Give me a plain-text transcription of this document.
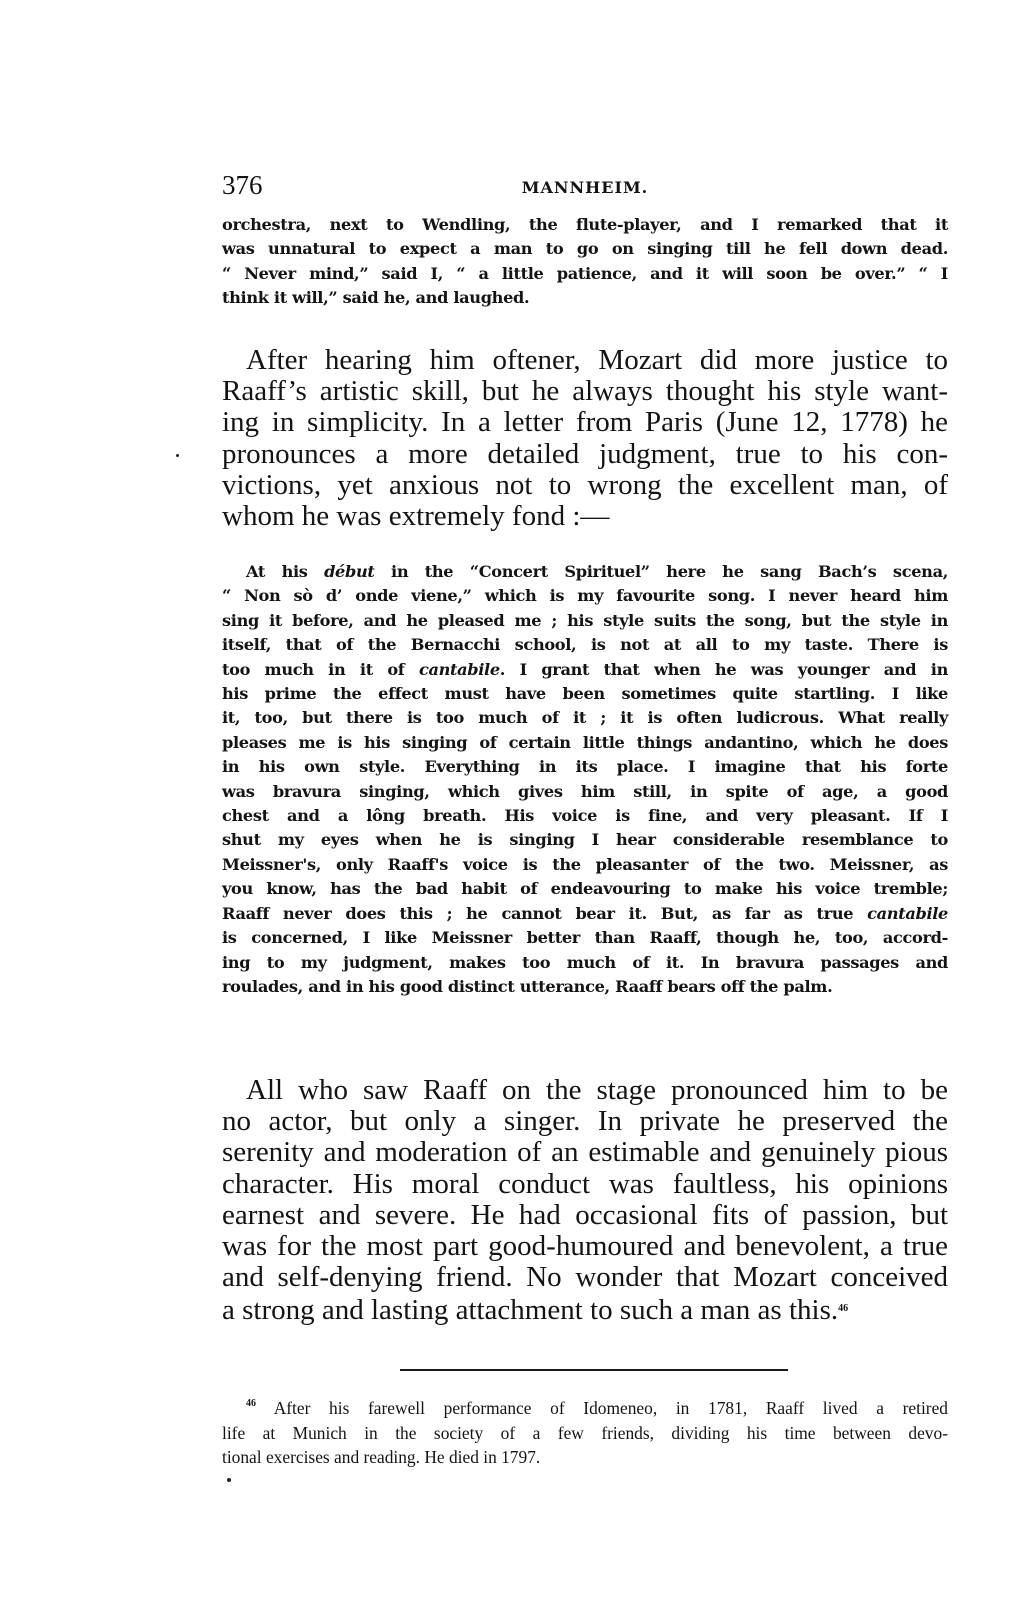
376	MANNHEIM.
orchestra, next to Wendling, the flute-player, and I remarked that it
was unnatural to expect a man to go on singing till he fell down dead.
“ Never mind,” said I, “ a little patience, and it will soon be over.” “ I
think it will,” said he, and laughed.
After hearing him oftener, Mozart did more justice to
Raaff’s artistic skill, but he always thought his style want-
ing in simplicity. In a letter from Paris (June 12, 1778) he
pronounces a more detailed judgment, true to his con-
victions, yet anxious not to wrong the excellent man, of
whom he was extremely fond :—
At his début in the “Concert Spirituel” here he sang Bach’s scena,
“ Non sò d’ onde viene,” which is my favourite song. I never heard him
sing it before, and he pleased me ; his style suits the song, but the style in
itself, that of the Bernacchi school, is not at all to my taste. There is
too much in it of cantabile. I grant that when he was younger and in
his prime the effect must have been sometimes quite startling. I like
it, too, but there is too much of it ; it is often ludicrous. What really
pleases me is his singing of certain little things andantino, which he does
in his own style. Everything in its place. I imagine that his forte
was bravura singing, which gives him still, in spite of age, a good
chest and a lông breath. His voice is fine, and very pleasant. If I
shut my eyes when he is singing I hear considerable resemblance to
Meissner's, only Raaff's voice is the pleasanter of the two. Meissner, as
you know, has the bad habit of endeavouring to make his voice tremble;
Raaff never does this ; he cannot bear it. But, as far as true cantabile
is concerned, I like Meissner better than Raaff, though he, too, accord-
ing to my judgment, makes too much of it. In bravura passages and
roulades, and in his good distinct utterance, Raaff bears off the palm.
All who saw Raaff on the stage pronounced him to be
no actor, but only a singer. In private he preserved the
serenity and moderation of an estimable and genuinely pious
character. His moral conduct was faultless, his opinions
earnest and severe. He had occasional fits of passion, but
was for the most part good-humoured and benevolent, a true
and self-denying friend. No wonder that Mozart conceived
a strong and lasting attachment to such a man as this.$^{46}$
$^{46}$ After his farewell performance of Idomeneo, in 1781, Raaff lived a retired
life at Munich in the society of a few friends, dividing his time between devo-
tional exercises and reading. He died in 1797.
